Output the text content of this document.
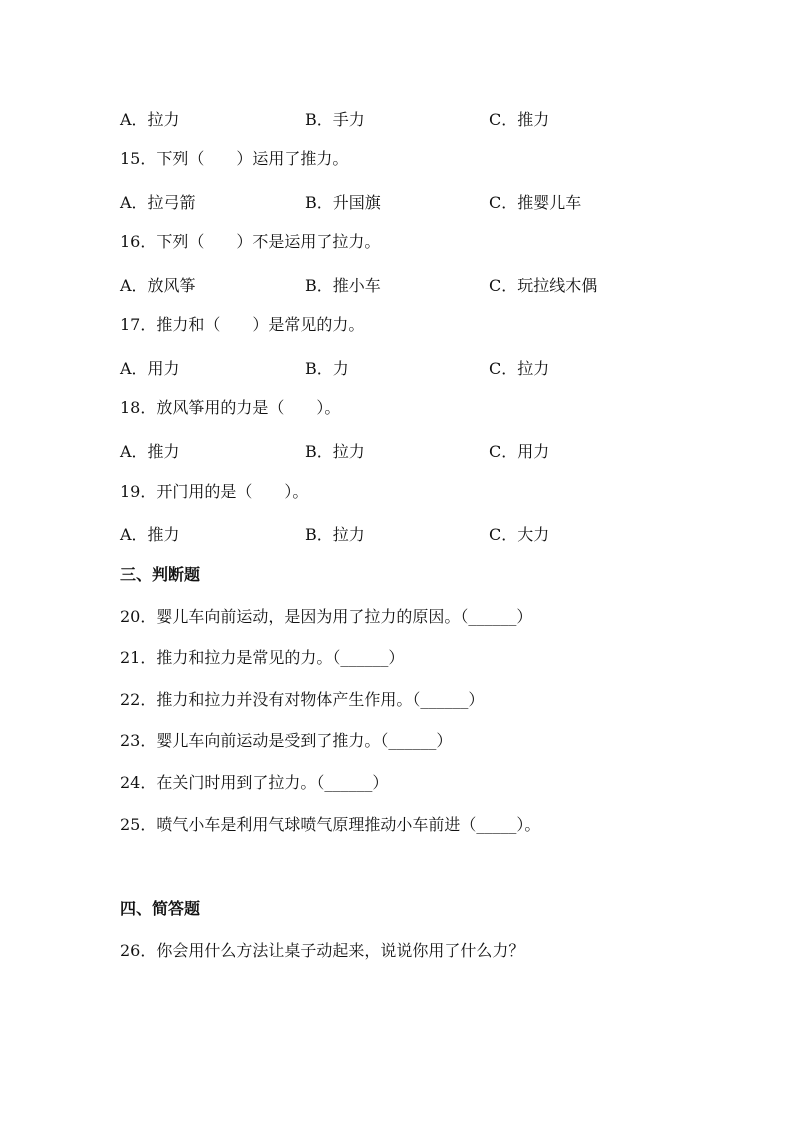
A．拉力	B．手力	C．推力
15．下列（　　）运用了推力。
A．拉弓箭	B．升国旗	C．推婴儿车
16．下列（　　）不是运用了拉力。
A．放风筝	B．推小车	C．玩拉线木偶
17．推力和（　　）是常见的力。
A．用力	B．力	C．拉力
18．放风筝用的力是（　　）。
A．推力	B．拉力	C．用力
19．开门用的是（　　）。
A．推力	B．拉力	C．大力
三、判断题
20．婴儿车向前运动，是因为用了拉力的原因。（______）
21．推力和拉力是常见的力。（______）
22．推力和拉力并没有对物体产生作用。（______）
23．婴儿车向前运动是受到了推力。（______）
24．在关门时用到了拉力。（______）
25．喷气小车是利用气球喷气原理推动小车前进（_____）。
四、简答题
26．你会用什么方法让桌子动起来，说说你用了什么力？
